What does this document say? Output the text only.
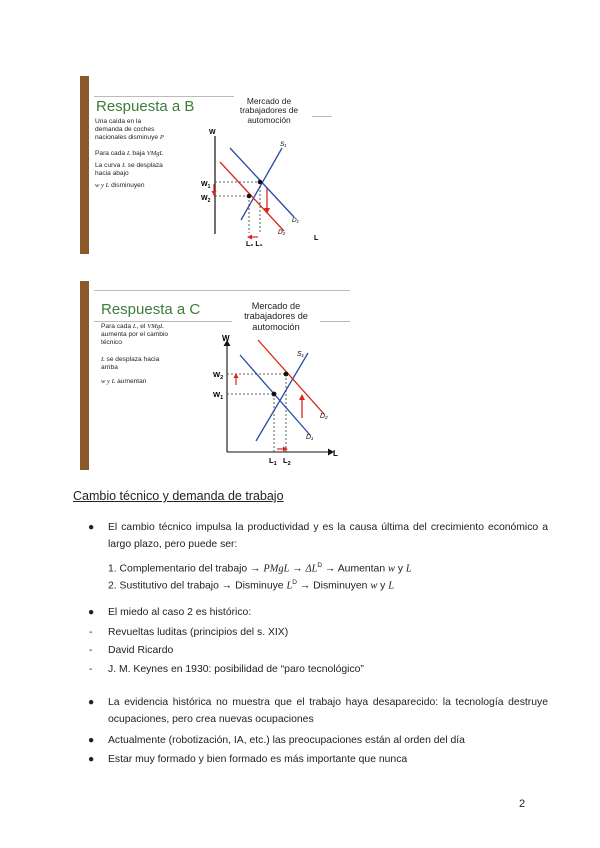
Respuesta a B
Una caída en la
demanda de coches
nacionales disminuye P
Para cada L baja VMgL
La curva L se desplaza
hacia abajo
w y L disminuyen
Mercado de
trabajadores de
automoción
W
L
$W_1$
$W_2$
L₂ L₁
S₁
D₁
D₂
Respuesta a C
Para cada L, el VMgL
aumenta por el cambio
técnico
L se desplaza hacia
arriba
w y L aumentan
Mercado de
trabajadores de
automoción
W
L
$W_2$
$W_1$
$L_1$ $L_2$
S₁
D₂
D₁
Cambio técnico y demanda de trabajo
● El cambio técnico impulsa la productividad y es la causa última del crecimiento económico a largo plazo, pero puede ser:
1. Complementario del trabajo → PMgL → $\Delta L^D$ → Aumentan w y L
2. Sustitutivo del trabajo → Disminuye $L^D$ → Disminuyen w y L
● El miedo al caso 2 es histórico:
- Revueltas luditas (principios del s. XIX)
- David Ricardo
- J. M. Keynes en 1930: posibilidad de “paro tecnológico”
● La evidencia histórica no muestra que el trabajo haya desaparecido: la tecnología destruye ocupaciones, pero crea nuevas ocupaciones
● Actualmente (robotización, IA, etc.) las preocupaciones están al orden del día
● Estar muy formado y bien formado es más importante que nunca
2
